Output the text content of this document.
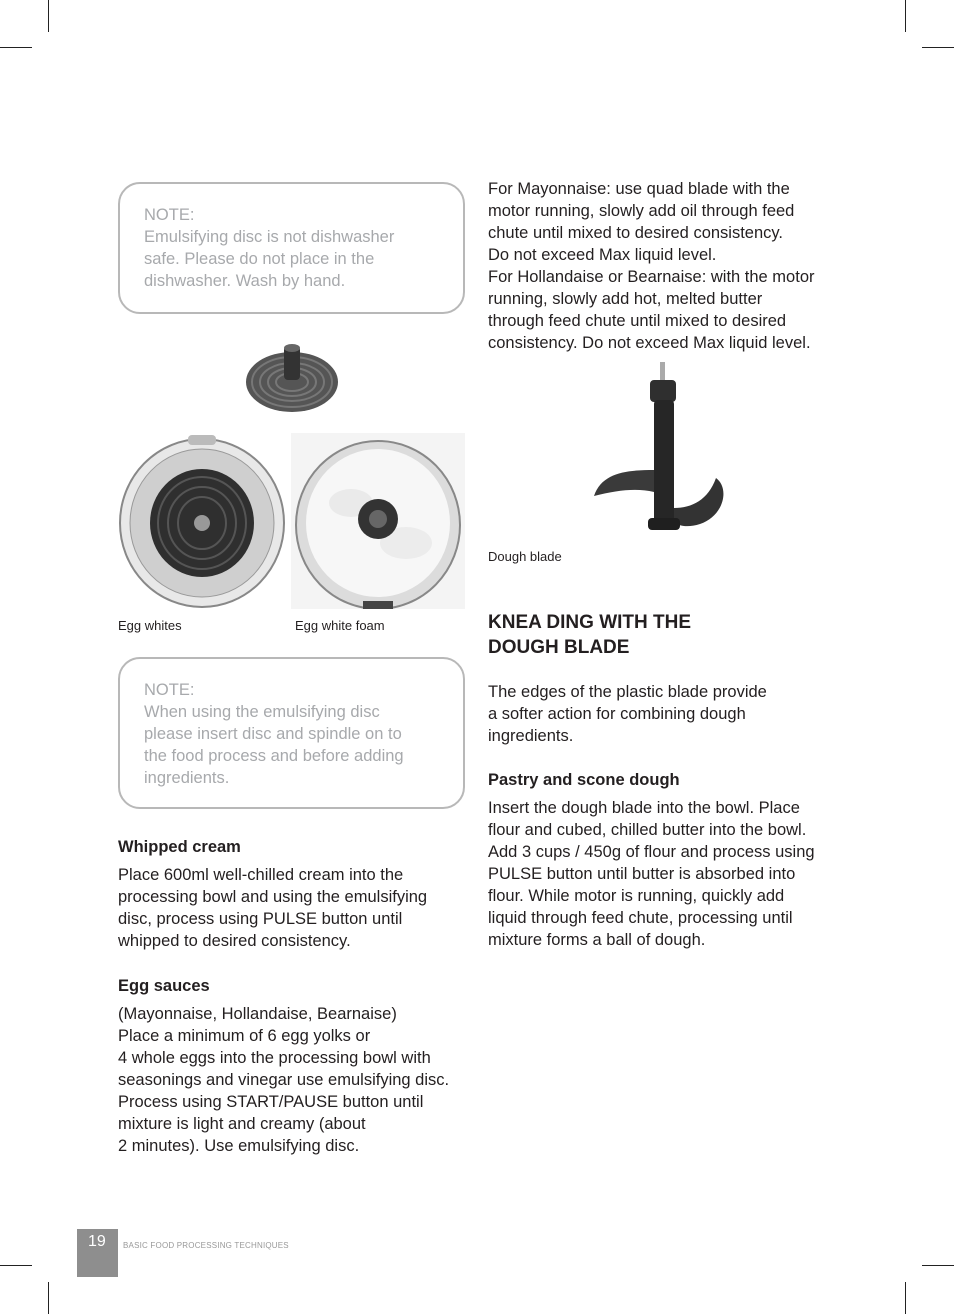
NOTE:

Emulsifying disc is not dishwasher

safe. Please do not place in the

dishwasher. Wash by hand.

Egg whites	Egg white foam

NOTE:

When using the emulsifying disc

please insert disc and spindle on to

the food process and before adding

ingredients.

Whipped cream

Place 600ml well-chilled cream into the

processing bowl and using the emulsifying

disc, process using PULSE button until

whipped to desired consistency.

Egg sauces

(Mayonnaise, Hollandaise, Bearnaise)

Place a minimum of 6 egg yolks or

4 whole eggs into the processing bowl with

seasonings and vinegar use emulsifying disc.

Process using START/PAUSE button until

mixture is light and creamy (about

2 minutes). Use emulsifying disc.

For Mayonnaise: use quad blade with the

motor running, slowly add oil through feed

chute until mixed to desired consistency.

Do not exceed Max liquid level.

For Hollandaise or Bearnaise: with the motor

running, slowly add hot, melted butter

through feed chute until mixed to desired

consistency. Do not exceed Max liquid level.

Dough blade
KNEA DING WITH THE
DOUGH BLADE

The edges of the plastic blade provide

a softer action for combining dough

ingredients.

Pastry and scone dough

Insert the dough blade into the bowl. Place

flour and cubed, chilled butter into the bowl.

Add 3 cups / 450g of flour and process using

PULSE button until butter is absorbed into

flour. While motor is running, quickly add

liquid through feed chute, processing until

mixture forms a ball of dough.

19 BASIC FOOD PROCESSING TECHNIQUES
